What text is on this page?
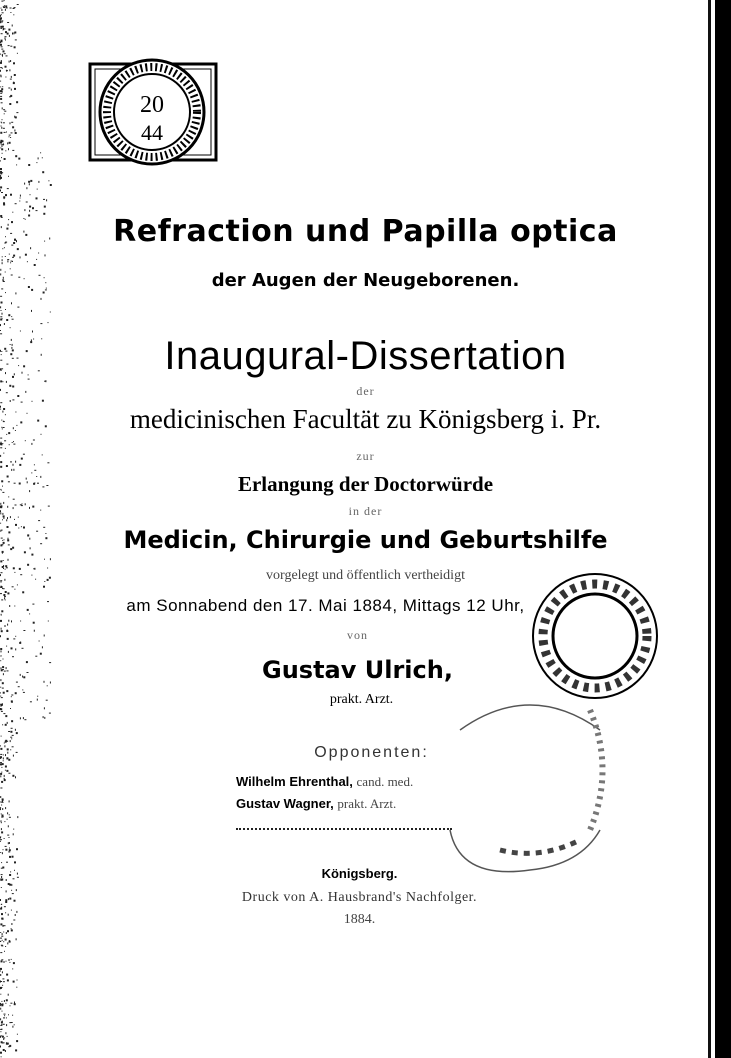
20
44
Refraction und Papilla optica
der Augen der Neugeborenen.
Inaugural-Dissertation
der
medicinischen Facultät zu Königsberg i. Pr.
zur
Erlangung der Doctorwürde
in der
Medicin, Chirurgie und Geburtshilfe
vorgelegt und öffentlich vertheidigt
am Sonnabend den 17. Mai 1884, Mittags 12 Uhr,
von
Gustav Ulrich,
prakt. Arzt.
Opponenten:
Wilhelm Ehrenthal, cand. med.
Gustav Wagner, prakt. Arzt.
Königsberg.
Druck von A. Hausbrand's Nachfolger.
1884.
